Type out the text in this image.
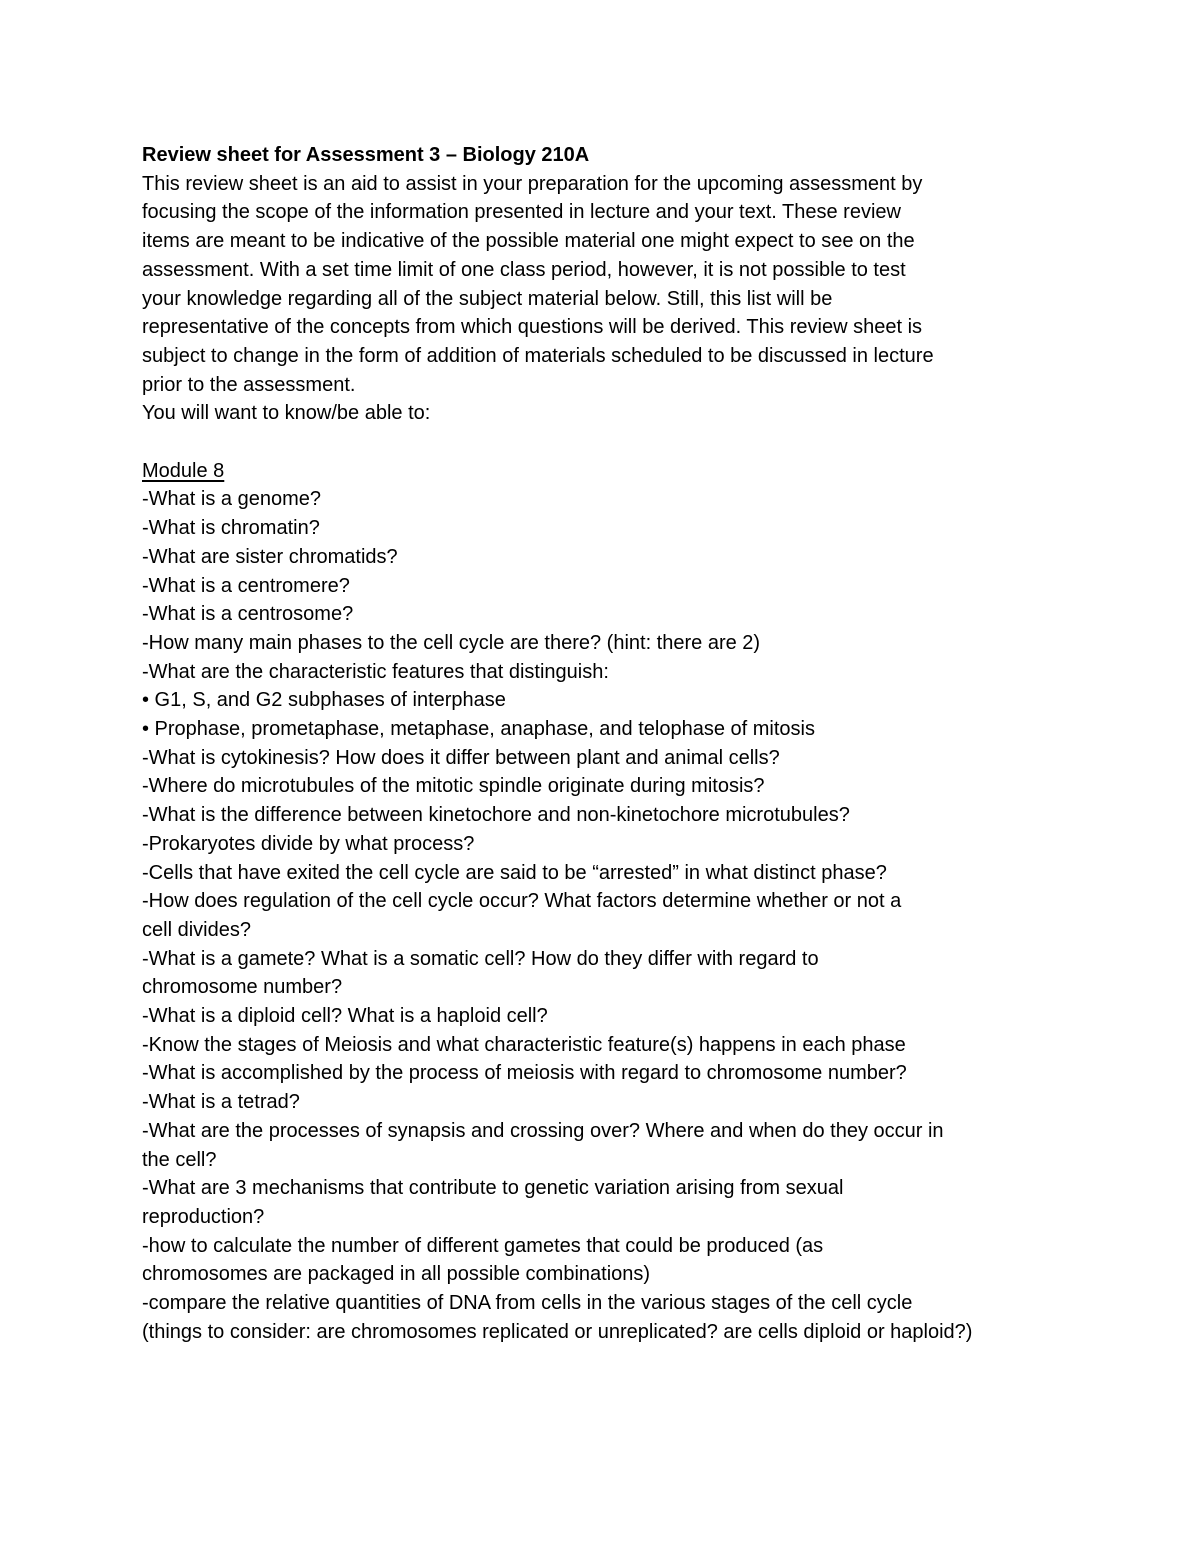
Review sheet for Assessment 3 – Biology 210A
This review sheet is an aid to assist in your preparation for the upcoming assessment by
focusing the scope of the information presented in lecture and your text. These review
items are meant to be indicative of the possible material one might expect to see on the
assessment. With a set time limit of one class period, however, it is not possible to test
your knowledge regarding all of the subject material below. Still, this list will be
representative of the concepts from which questions will be derived. This review sheet is
subject to change in the form of addition of materials scheduled to be discussed in lecture
prior to the assessment.
You will want to know/be able to:
Module 8
-What is a genome?
-What is chromatin?
-What are sister chromatids?
-What is a centromere?
-What is a centrosome?
-How many main phases to the cell cycle are there? (hint: there are 2)
-What are the characteristic features that distinguish:
• G1, S, and G2 subphases of interphase
• Prophase, prometaphase, metaphase, anaphase, and telophase of mitosis
-What is cytokinesis? How does it differ between plant and animal cells?
-Where do microtubules of the mitotic spindle originate during mitosis?
-What is the difference between kinetochore and non-kinetochore microtubules?
-Prokaryotes divide by what process?
-Cells that have exited the cell cycle are said to be “arrested” in what distinct phase?
-How does regulation of the cell cycle occur? What factors determine whether or not a
cell divides?
-What is a gamete? What is a somatic cell? How do they differ with regard to
chromosome number?
-What is a diploid cell? What is a haploid cell?
-Know the stages of Meiosis and what characteristic feature(s) happens in each phase
-What is accomplished by the process of meiosis with regard to chromosome number?
-What is a tetrad?
-What are the processes of synapsis and crossing over? Where and when do they occur in
the cell?
-What are 3 mechanisms that contribute to genetic variation arising from sexual
reproduction?
-how to calculate the number of different gametes that could be produced (as
chromosomes are packaged in all possible combinations)
-compare the relative quantities of DNA from cells in the various stages of the cell cycle
(things to consider: are chromosomes replicated or unreplicated? are cells diploid or haploid?)
